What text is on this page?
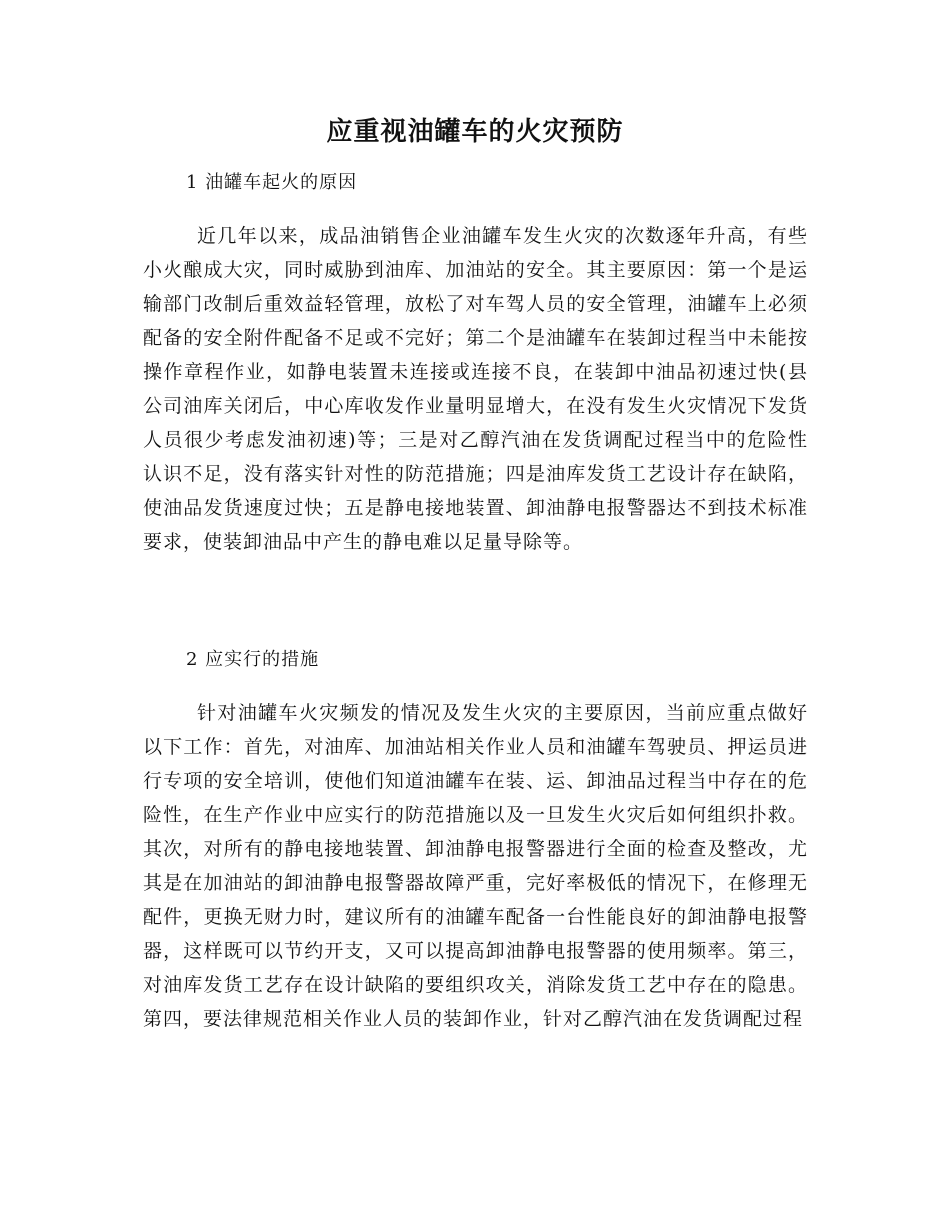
应重视油罐车的火灾预防
1 油罐车起火的原因
近几年以来，成品油销售企业油罐车发生火灾的次数逐年升高，有些小火酿成大灾，同时威胁到油库、加油站的安全。其主要原因：第一个是运输部门改制后重效益轻管理，放松了对车驾人员的安全管理，油罐车上必须配备的安全附件配备不足或不完好；第二个是油罐车在装卸过程当中未能按操作章程作业，如静电装置未连接或连接不良，在装卸中油品初速过快(县公司油库关闭后，中心库收发作业量明显增大，在没有发生火灾情况下发货人员很少考虑发油初速)等；三是对乙醇汽油在发货调配过程当中的危险性认识不足，没有落实针对性的防范措施；四是油库发货工艺设计存在缺陷，使油品发货速度过快；五是静电接地装置、卸油静电报警器达不到技术标准要求，使装卸油品中产生的静电难以足量导除等。
2 应实行的措施
针对油罐车火灾频发的情况及发生火灾的主要原因，当前应重点做好以下工作：首先，对油库、加油站相关作业人员和油罐车驾驶员、押运员进行专项的安全培训，使他们知道油罐车在装、运、卸油品过程当中存在的危险性，在生产作业中应实行的防范措施以及一旦发生火灾后如何组织扑救。其次，对所有的静电接地装置、卸油静电报警器进行全面的检查及整改，尤其是在加油站的卸油静电报警器故障严重，完好率极低的情况下，在修理无配件，更换无财力时，建议所有的油罐车配备一台性能良好的卸油静电报警器，这样既可以节约开支，又可以提高卸油静电报警器的使用频率。第三，对油库发货工艺存在设计缺陷的要组织攻关，消除发货工艺中存在的隐患。第四，要法律规范相关作业人员的装卸作业，针对乙醇汽油在发货调配过程
